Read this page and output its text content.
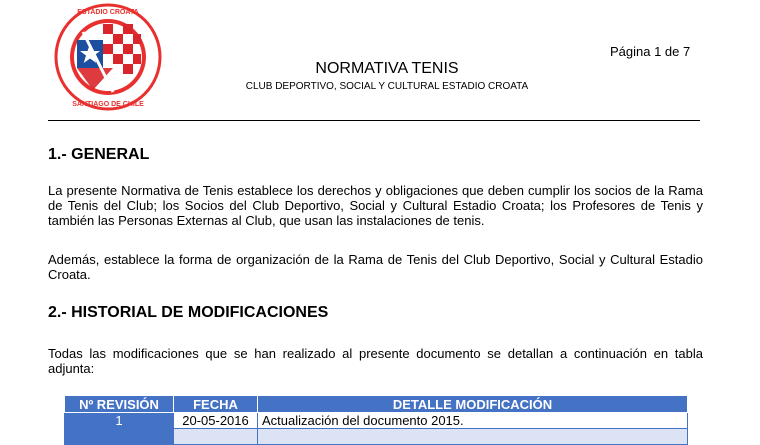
ESTADIO CROATA
SANTIAGO DE CHILE
Página 1 de 7
NORMATIVA TENIS
CLUB DEPORTIVO, SOCIAL Y CULTURAL ESTADIO CROATA
1.- GENERAL

La presente Normativa de Tenis establece los derechos y obligaciones que deben cumplir los socios de la Rama de Tenis del Club; los Socios del Club Deportivo, Social y Cultural Estadio Croata; los Profesores de Tenis y también las Personas Externas al Club, que usan las instalaciones de tenis.

Además, establece la forma de organización de la Rama de Tenis del Club Deportivo, Social y Cultural Estadio Croata.

2.- HISTORIAL DE MODIFICACIONES

Todas las modificaciones que se han realizado al presente documento se detallan a continuación en tabla adjunta:

Nº REVISIÓN	FECHA	DETALLE MODIFICACIÓN
1	20-05-2016	Actualización del documento 2015.
